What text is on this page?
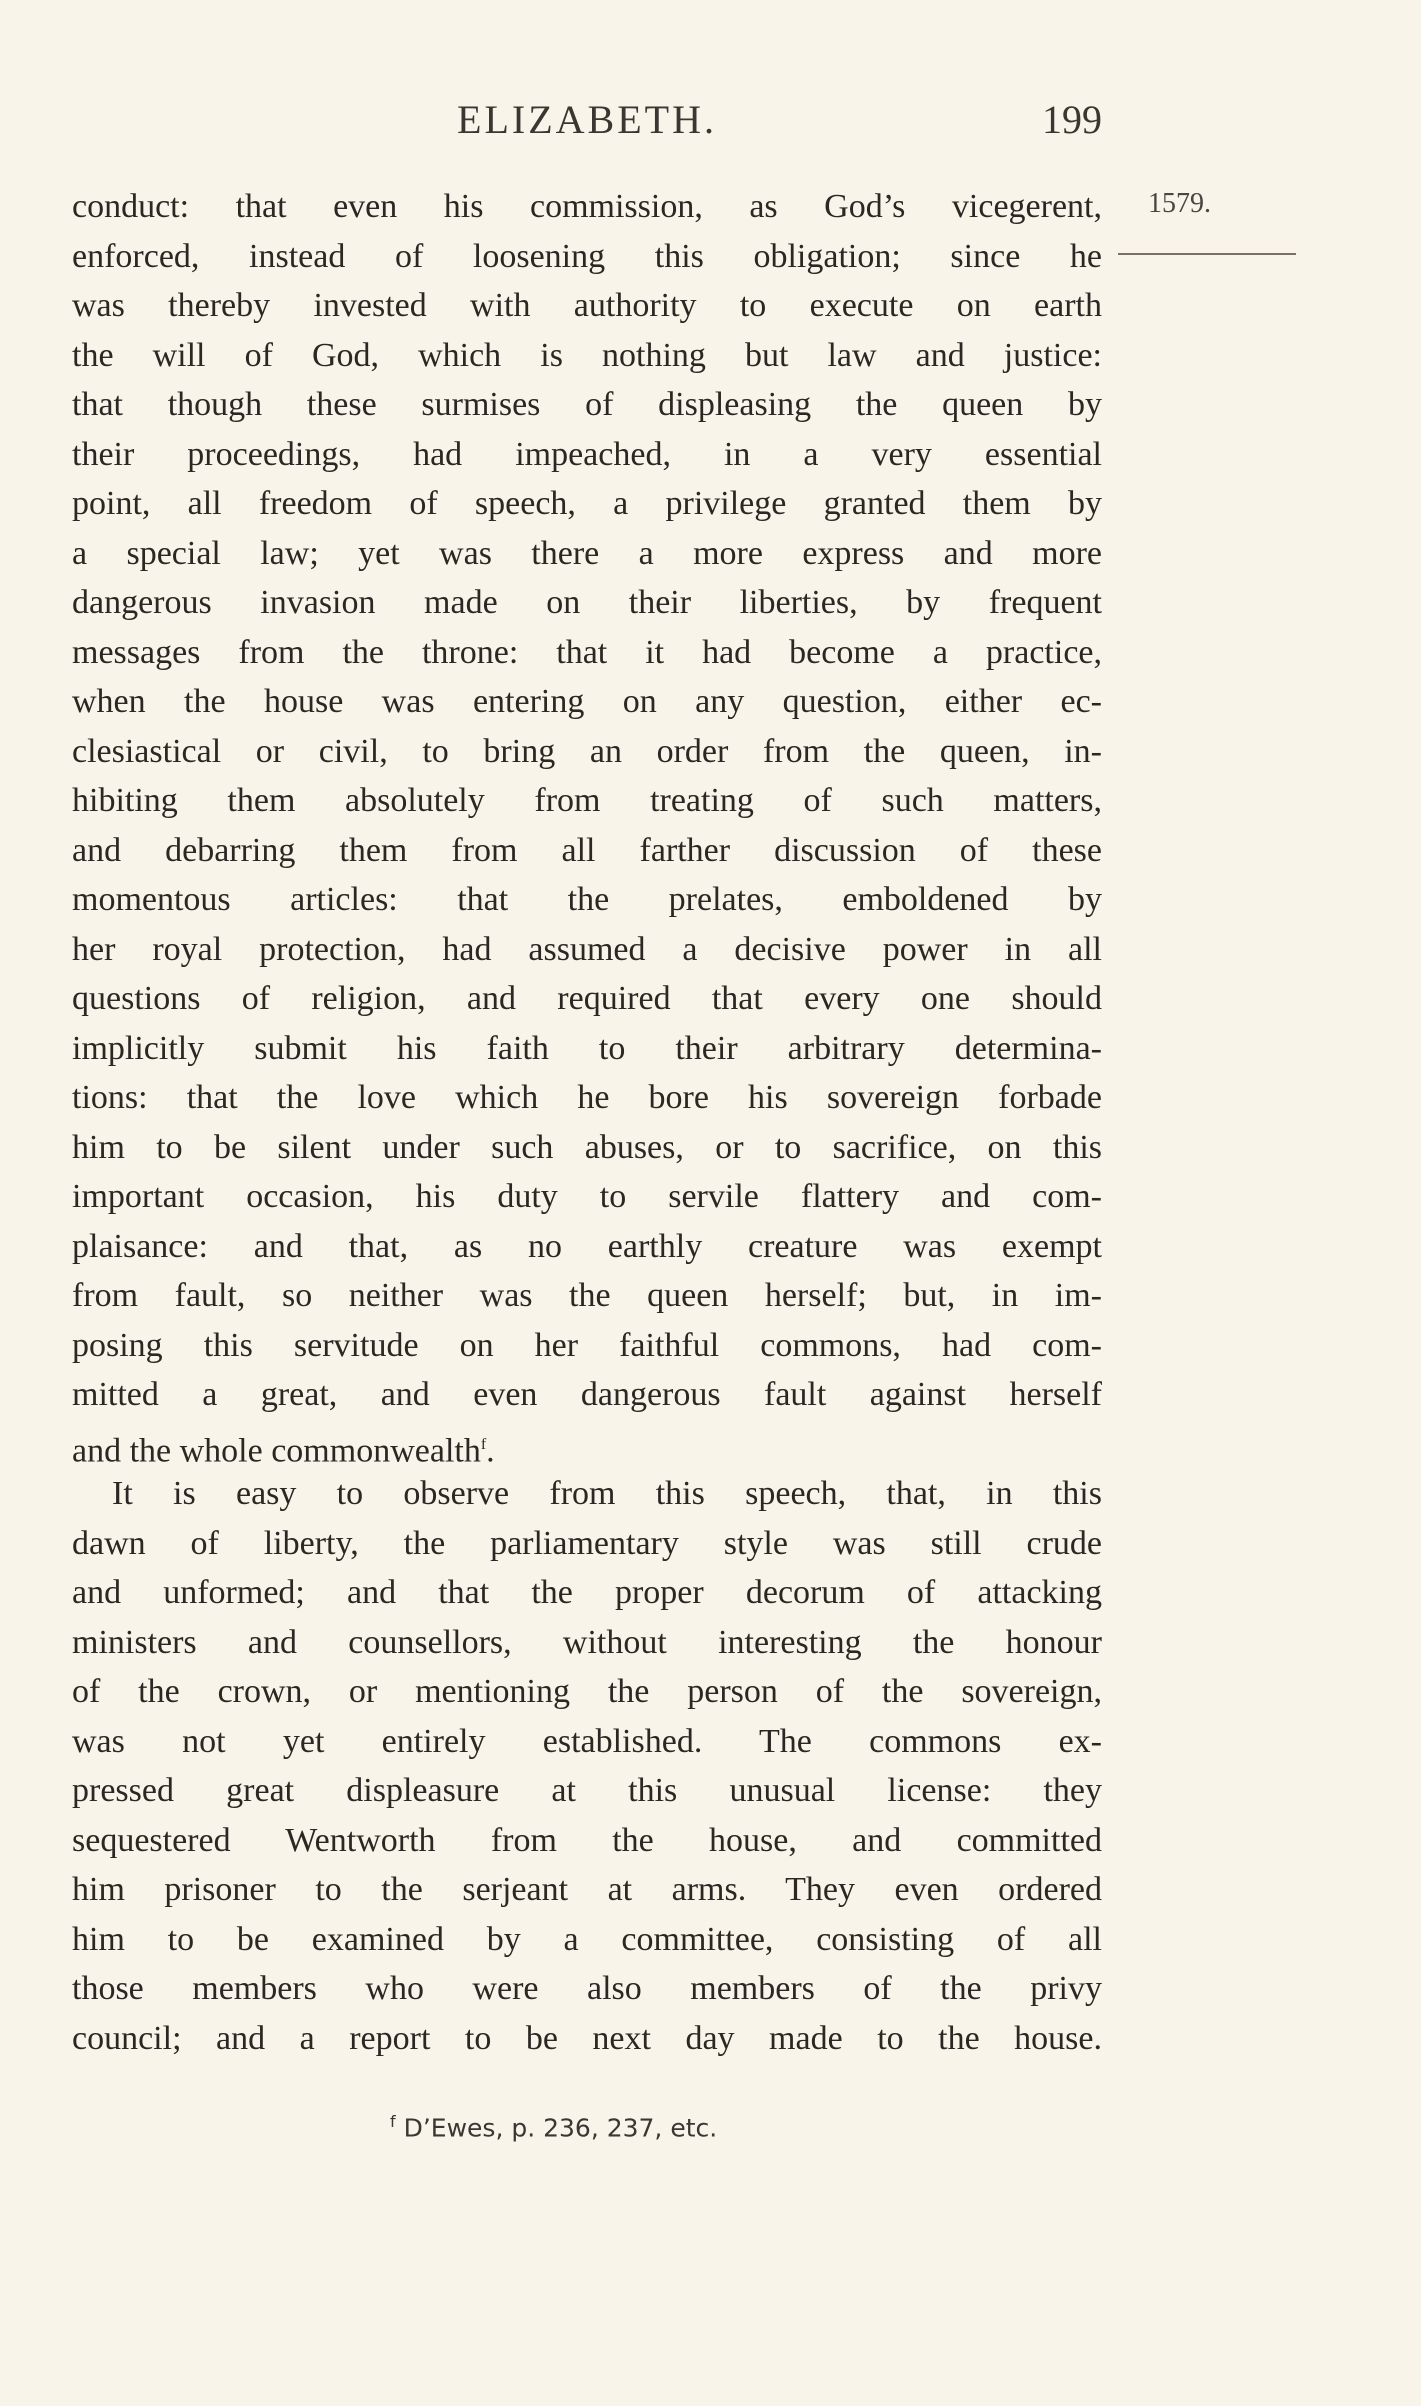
ELIZABETH.	199
1579.
conduct: that even his commission, as God’s vicegerent,
enforced, instead of loosening this obligation; since he
was thereby invested with authority to execute on earth
the will of God, which is nothing but law and justice:
that though these surmises of displeasing the queen by
their proceedings, had impeached, in a very essential
point, all freedom of speech, a privilege granted them by
a special law; yet was there a more express and more
dangerous invasion made on their liberties, by frequent
messages from the throne: that it had become a practice,
when the house was entering on any question, either ec-
clesiastical or civil, to bring an order from the queen, in-
hibiting them absolutely from treating of such matters,
and debarring them from all farther discussion of these
momentous articles: that the prelates, emboldened by
her royal protection, had assumed a decisive power in all
questions of religion, and required that every one should
implicitly submit his faith to their arbitrary determina-
tions: that the love which he bore his sovereign forbade
him to be silent under such abuses, or to sacrifice, on this
important occasion, his duty to servile flattery and com-
plaisance: and that, as no earthly creature was exempt
from fault, so neither was the queen herself; but, in im-
posing this servitude on her faithful commons, had com-
mitted a great, and even dangerous fault against herself
and the whole commonwealth$^f$.
It is easy to observe from this speech, that, in this
dawn of liberty, the parliamentary style was still crude
and unformed; and that the proper decorum of attacking
ministers and counsellors, without interesting the honour
of the crown, or mentioning the person of the sovereign,
was not yet entirely established. The commons ex-
pressed great displeasure at this unusual license: they
sequestered Wentworth from the house, and committed
him prisoner to the serjeant at arms. They even ordered
him to be examined by a committee, consisting of all
those members who were also members of the privy
council; and a report to be next day made to the house.
$^f$ D’Ewes, p. 236, 237, etc.
